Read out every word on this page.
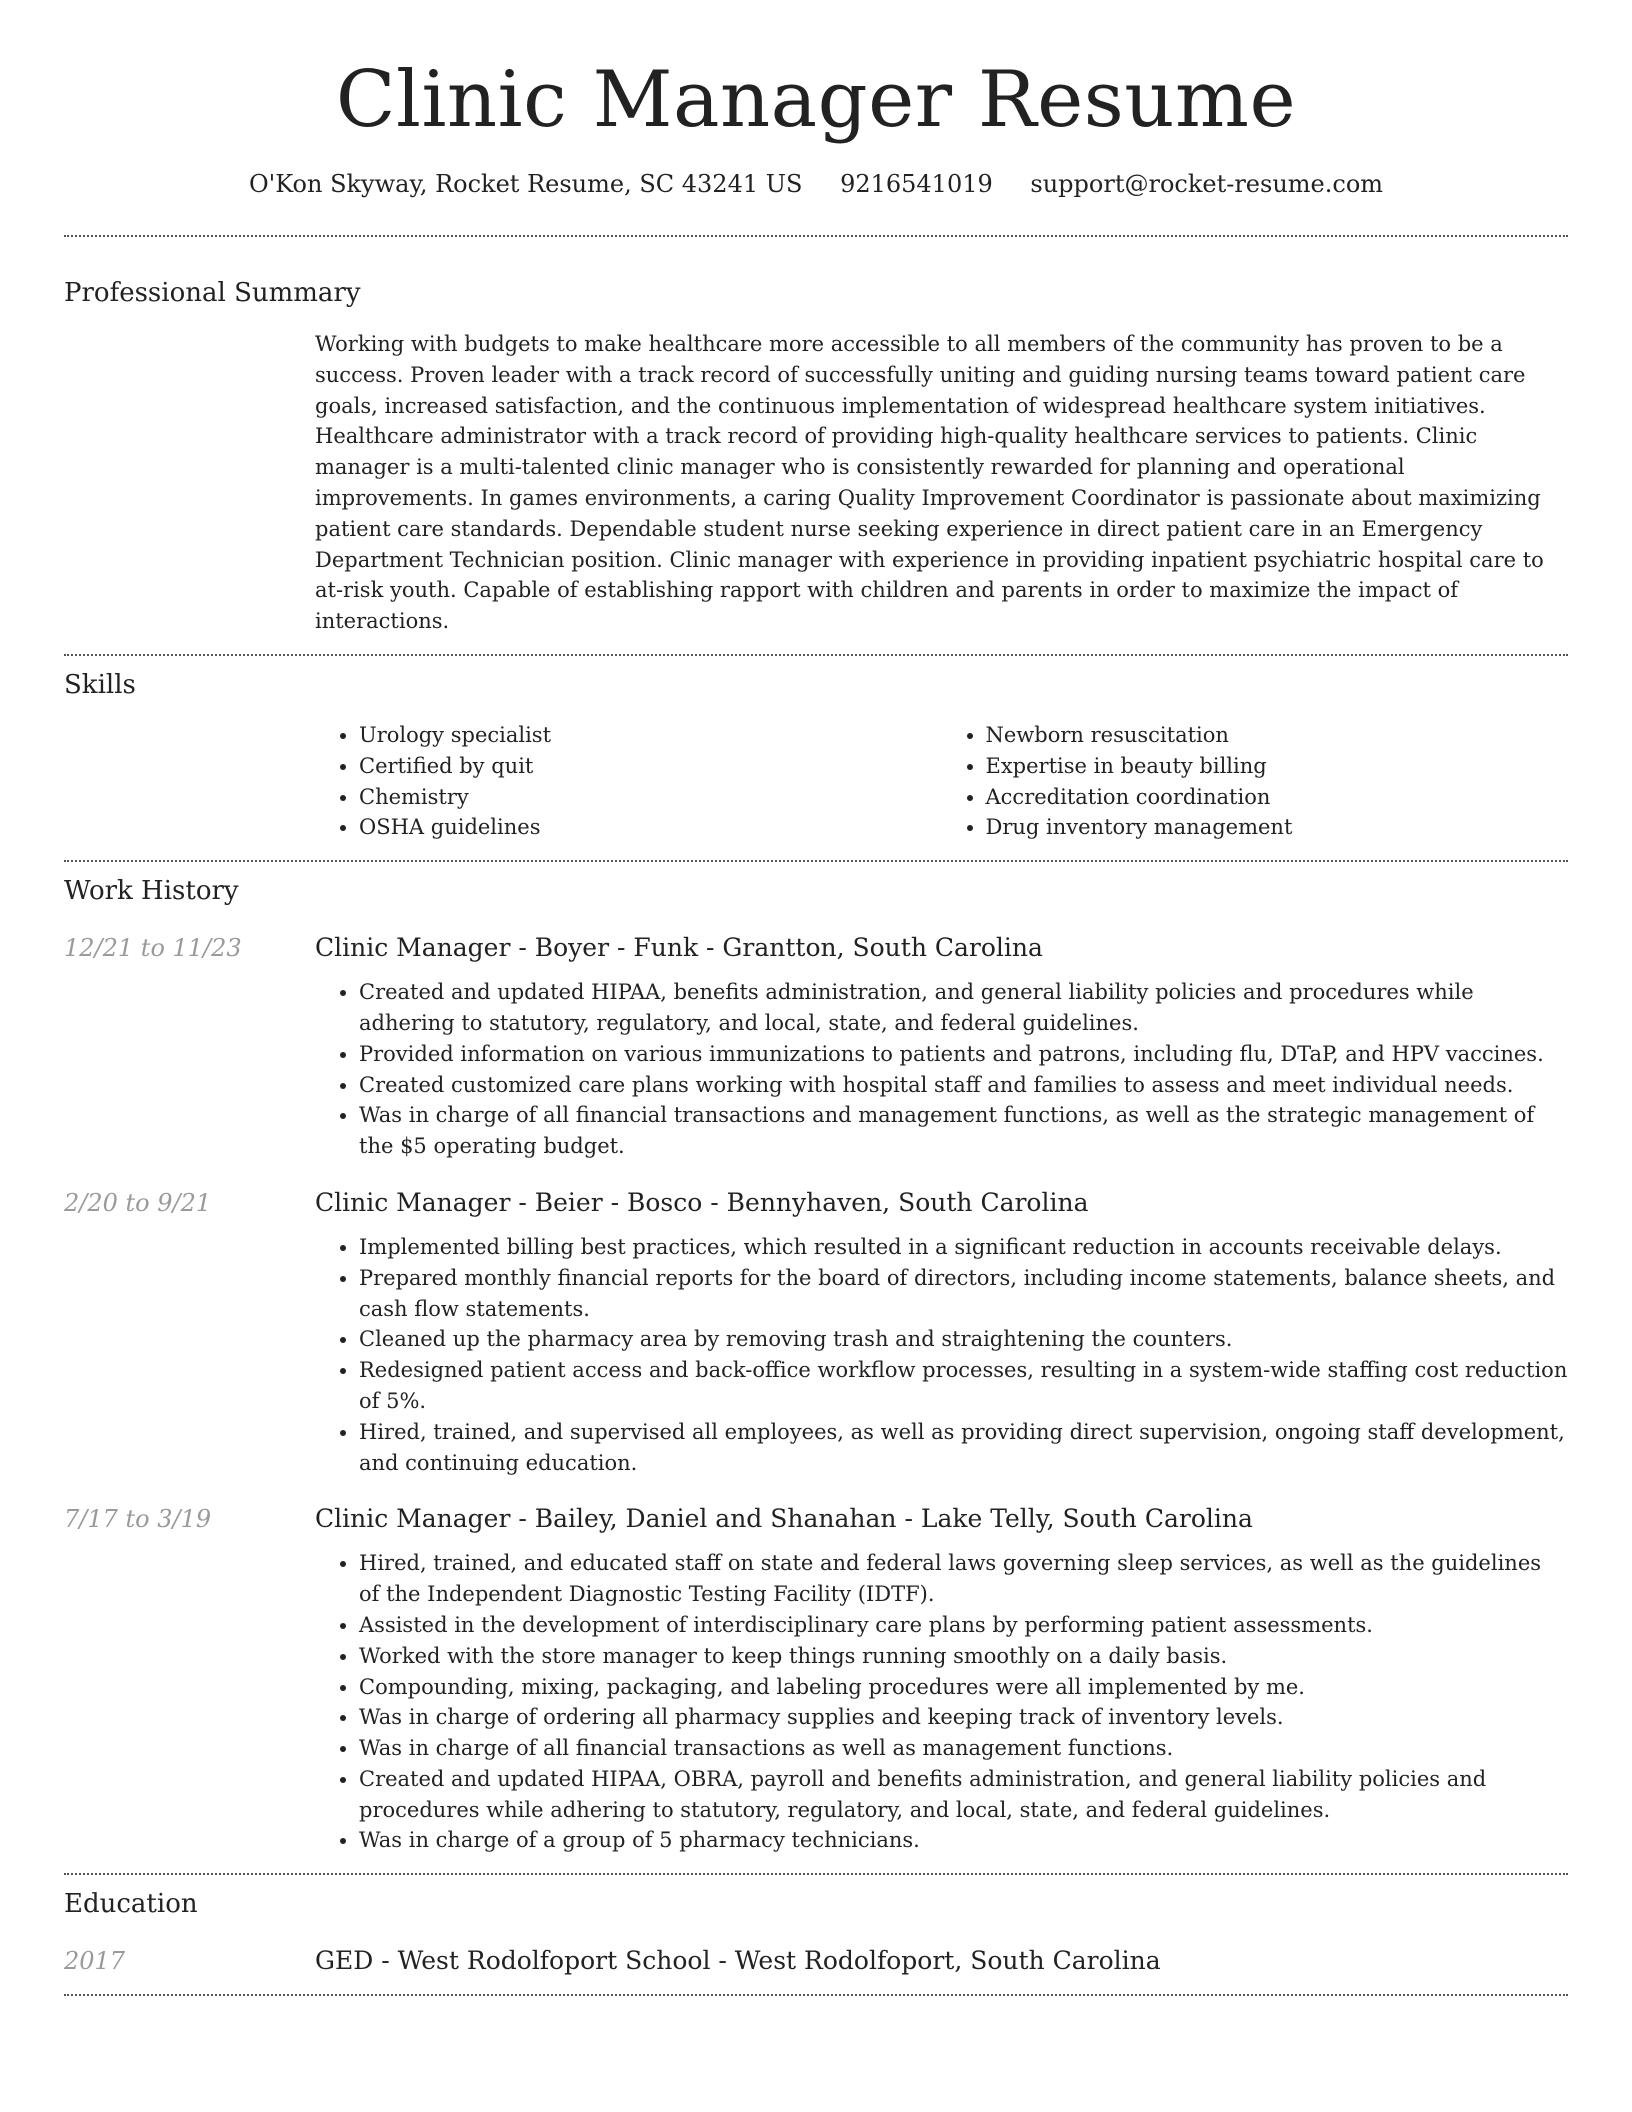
Clinic Manager Resume
O'Kon Skyway, Rocket Resume, SC 43241 US 9216541019 support@rocket-resume.com
Professional Summary

Working with budgets to make healthcare more accessible to all members of the community has proven to be a success. Proven leader with a track record of successfully uniting and guiding nursing teams toward patient care goals, increased satisfaction, and the continuous implementation of widespread healthcare system initiatives. Healthcare administrator with a track record of providing high-quality healthcare services to patients. Clinic manager is a multi-talented clinic manager who is consistently rewarded for planning and operational improvements. In games environments, a caring Quality Improvement Coordinator is passionate about maximizing patient care standards. Dependable student nurse seeking experience in direct patient care in an Emergency Department Technician position. Clinic manager with experience in providing inpatient psychiatric hospital care to at-risk youth. Capable of establishing rapport with children and parents in order to maximize the impact of interactions.

Skills
• Urology specialist
• Certified by quit
• Chemistry
• OSHA guidelines
• Newborn resuscitation
• Expertise in beauty billing
• Accreditation coordination
• Drug inventory management
Work History
12/21 to 11/23	Clinic Manager - Boyer - Funk - Grantton, South Carolina
• Created and updated HIPAA, benefits administration, and general liability policies and procedures while adhering to statutory, regulatory, and local, state, and federal guidelines.
• Provided information on various immunizations to patients and patrons, including flu, DTaP, and HPV vaccines.
• Created customized care plans working with hospital staff and families to assess and meet individual needs.
• Was in charge of all financial transactions and management functions, as well as the strategic management of the $5 operating budget.
2/20 to 9/21	Clinic Manager - Beier - Bosco - Bennyhaven, South Carolina
• Implemented billing best practices, which resulted in a significant reduction in accounts receivable delays.
• Prepared monthly financial reports for the board of directors, including income statements, balance sheets, and cash flow statements.
• Cleaned up the pharmacy area by removing trash and straightening the counters.
• Redesigned patient access and back-office workflow processes, resulting in a system-wide staffing cost reduction of 5%.
• Hired, trained, and supervised all employees, as well as providing direct supervision, ongoing staff development, and continuing education.
7/17 to 3/19	Clinic Manager - Bailey, Daniel and Shanahan - Lake Telly, South Carolina
• Hired, trained, and educated staff on state and federal laws governing sleep services, as well as the guidelines of the Independent Diagnostic Testing Facility (IDTF).
• Assisted in the development of interdisciplinary care plans by performing patient assessments.
• Worked with the store manager to keep things running smoothly on a daily basis.
• Compounding, mixing, packaging, and labeling procedures were all implemented by me.
• Was in charge of ordering all pharmacy supplies and keeping track of inventory levels.
• Was in charge of all financial transactions as well as management functions.
• Created and updated HIPAA, OBRA, payroll and benefits administration, and general liability policies and procedures while adhering to statutory, regulatory, and local, state, and federal guidelines.
• Was in charge of a group of 5 pharmacy technicians.
Education
2017	GED - West Rodolfoport School - West Rodolfoport, South Carolina
